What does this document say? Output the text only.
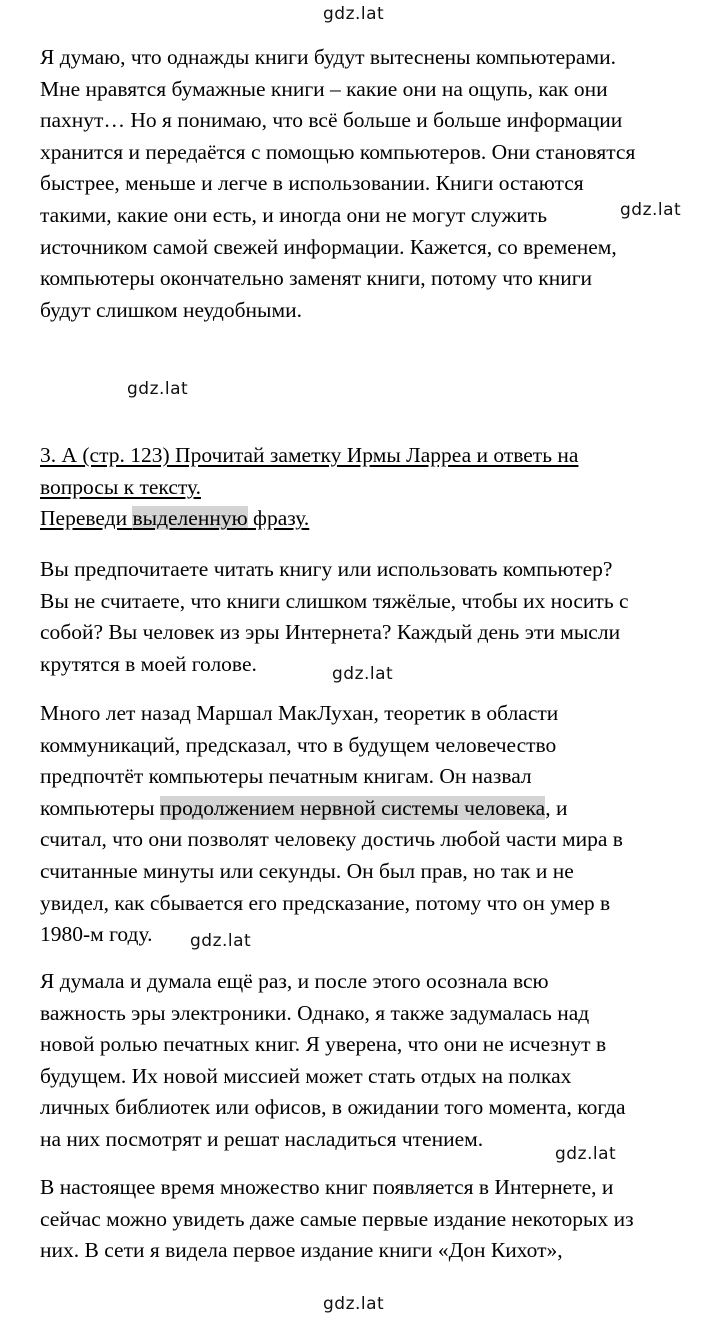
gdz.lat
gdz.lat
gdz.lat
gdz.lat
gdz.lat
gdz.lat
gdz.lat

Я думаю, что однажды книги будут вытеснены компьютерами.
Мне нравятся бумажные книги – какие они на ощупь, как они
пахнут… Но я понимаю, что всё больше и больше информации
хранится и передаётся с помощью компьютеров. Они становятся
быстрее, меньше и легче в использовании. Книги остаются
такими, какие они есть, и иногда они не могут служить
источником самой свежей информации. Кажется, со временем,
компьютеры окончательно заменят книги, потому что книги
будут слишком неудобными.

3. А (стр. 123) Прочитай заметку Ирмы Ларреа и ответь на
вопросы к тексту.
Переведи выделенную фразу.

Вы предпочитаете читать книгу или использовать компьютер?
Вы не считаете, что книги слишком тяжёлые, чтобы их носить с
собой? Вы человек из эры Интернета? Каждый день эти мысли
крутятся в моей голове.

Много лет назад Маршал МакЛухан, теоретик в области
коммуникаций, предсказал, что в будущем человечество
предпочтёт компьютеры печатным книгам. Он назвал
компьютеры продолжением нервной системы человека, и
считал, что они позволят человеку достичь любой части мира в
считанные минуты или секунды. Он был прав, но так и не
увидел, как сбывается его предсказание, потому что он умер в
1980-м году.

Я думала и думала ещё раз, и после этого осознала всю
важность эры электроники. Однако, я также задумалась над
новой ролью печатных книг. Я уверена, что они не исчезнут в
будущем. Их новой миссией может стать отдых на полках
личных библиотек или офисов, в ожидании того момента, когда
на них посмотрят и решат насладиться чтением.

В настоящее время множество книг появляется в Интернете, и
сейчас можно увидеть даже самые первые издание некоторых из
них. В сети я видела первое издание книги «Дон Кихот»,
